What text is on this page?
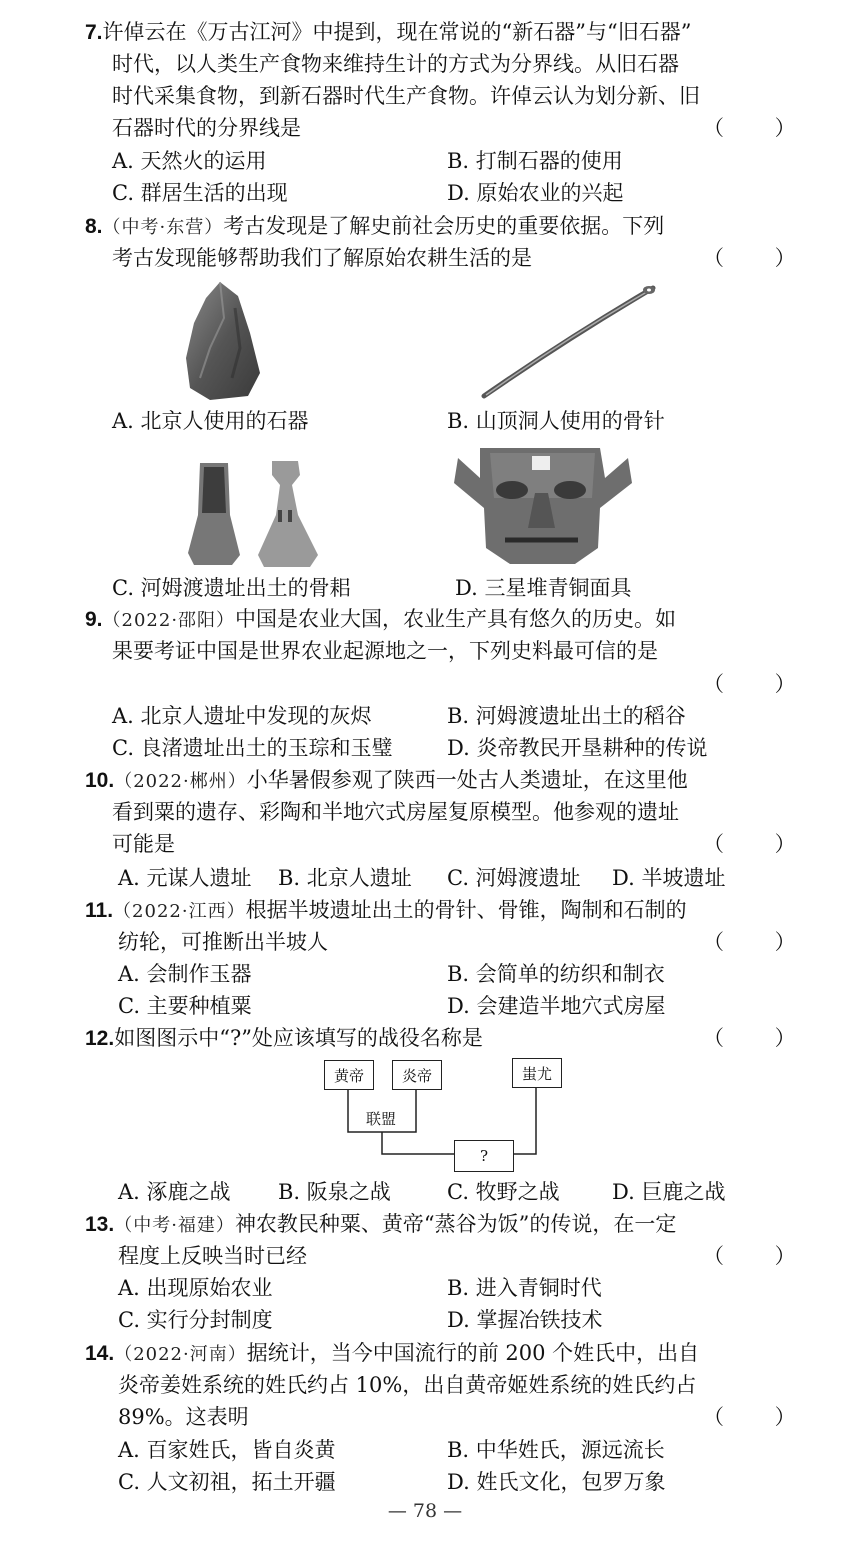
7.许倬云在《万古江河》中提到，现在常说的“新石器”与“旧石器”
时代，以人类生产食物来维持生计的方式为分界线。从旧石器
时代采集食物，到新石器时代生产食物。许倬云认为划分新、旧
石器时代的分界线是	（ ）
A. 天然火的运用	B. 打制石器的使用
C. 群居生活的出现	D. 原始农业的兴起
8.（中考·东营）考古发现是了解史前社会历史的重要依据。下列
考古发现能够帮助我们了解原始农耕生活的是	（ ）
A. 北京人使用的石器	B. 山顶洞人使用的骨针
C. 河姆渡遗址出土的骨耜	D. 三星堆青铜面具
9.（2022·邵阳）中国是农业大国，农业生产具有悠久的历史。如
果要考证中国是世界农业起源地之一，下列史料最可信的是
（ ）
A. 北京人遗址中发现的灰烬	B. 河姆渡遗址出土的稻谷
C. 良渚遗址出土的玉琮和玉璧	D. 炎帝教民开垦耕种的传说
10.（2022·郴州）小华暑假参观了陕西一处古人类遗址，在这里他
看到粟的遗存、彩陶和半地穴式房屋复原模型。他参观的遗址
可能是	（ ）
A. 元谋人遗址 B. 北京人遗址 C. 河姆渡遗址 D. 半坡遗址
11.（2022·江西）根据半坡遗址出土的骨针、骨锥，陶制和石制的
纺轮，可推断出半坡人	（ ）
A. 会制作玉器	B. 会简单的纺织和制衣
C. 主要种植粟	D. 会建造半地穴式房屋
12.如图图示中“?”处应该填写的战役名称是	（ ）
黄帝	炎帝	蚩尤
联盟
?
A. 涿鹿之战 B. 阪泉之战	C. 牧野之战 D. 巨鹿之战
13.（中考·福建）神农教民种粟、黄帝“蒸谷为饭”的传说，在一定
程度上反映当时已经	（ ）
A. 出现原始农业	B. 进入青铜时代
C. 实行分封制度	D. 掌握冶铁技术
14.（2022·河南）据统计，当今中国流行的前 200 个姓氏中，出自
炎帝姜姓系统的姓氏约占 10%，出自黄帝姬姓系统的姓氏约占
89%。这表明	（ ）
A. 百家姓氏，皆自炎黄	B. 中华姓氏，源远流长
C. 人文初祖，拓土开疆	D. 姓氏文化，包罗万象
— 78 —
